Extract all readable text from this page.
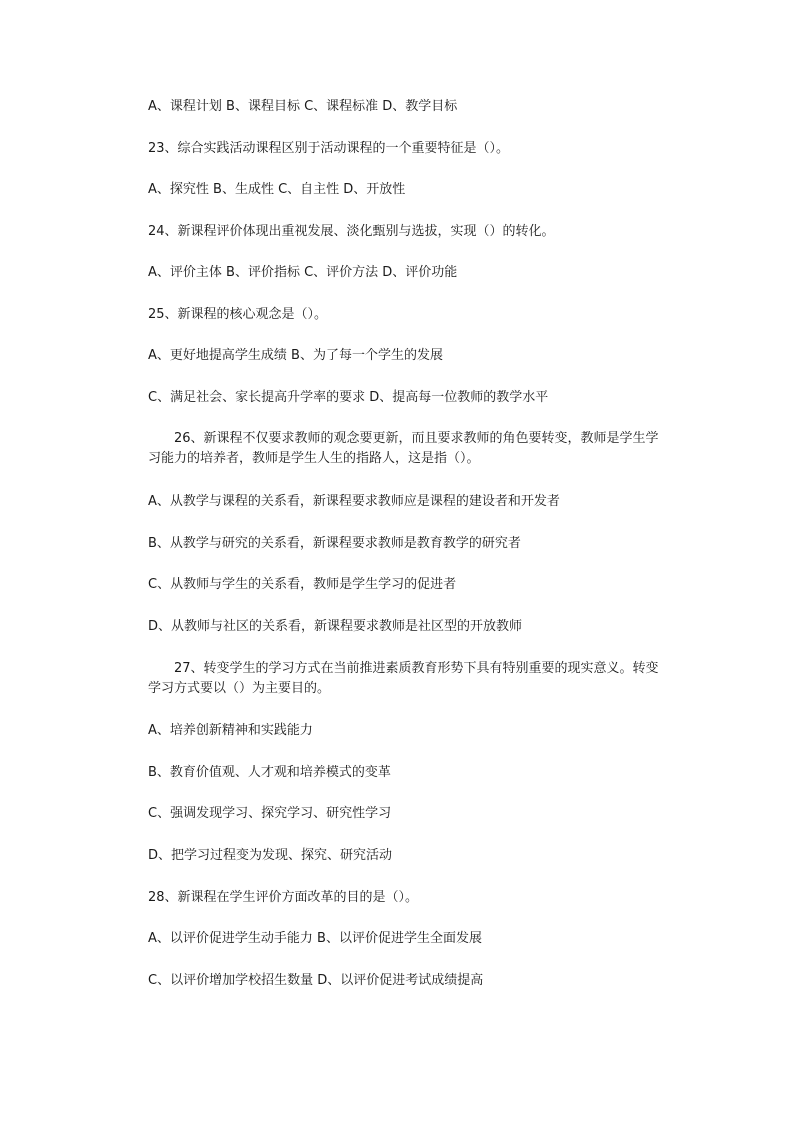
A、课程计划 B、课程目标 C、课程标准 D、教学目标
23、综合实践活动课程区别于活动课程的一个重要特征是（）。
A、探究性 B、生成性 C、自主性 D、开放性
24、新课程评价体现出重视发展、淡化甄别与选拔，实现（）的转化。
A、评价主体 B、评价指标 C、评价方法 D、评价功能
25、新课程的核心观念是（）。
A、更好地提高学生成绩 B、为了每一个学生的发展
C、满足社会、家长提高升学率的要求 D、提高每一位教师的教学水平
26、新课程不仅要求教师的观念要更新，而且要求教师的角色要转变，教师是学生学
习能力的培养者，教师是学生人生的指路人，这是指（）。
A、从教学与课程的关系看，新课程要求教师应是课程的建设者和开发者
B、从教学与研究的关系看，新课程要求教师是教育教学的研究者
C、从教师与学生的关系看，教师是学生学习的促进者
D、从教师与社区的关系看，新课程要求教师是社区型的开放教师
27、转变学生的学习方式在当前推进素质教育形势下具有特别重要的现实意义。转变
学习方式要以（）为主要目的。
A、培养创新精神和实践能力
B、教育价值观、人才观和培养模式的变革
C、强调发现学习、探究学习、研究性学习
D、把学习过程变为发现、探究、研究活动
28、新课程在学生评价方面改革的目的是（）。
A、以评价促进学生动手能力 B、以评价促进学生全面发展
C、以评价增加学校招生数量 D、以评价促进考试成绩提高
